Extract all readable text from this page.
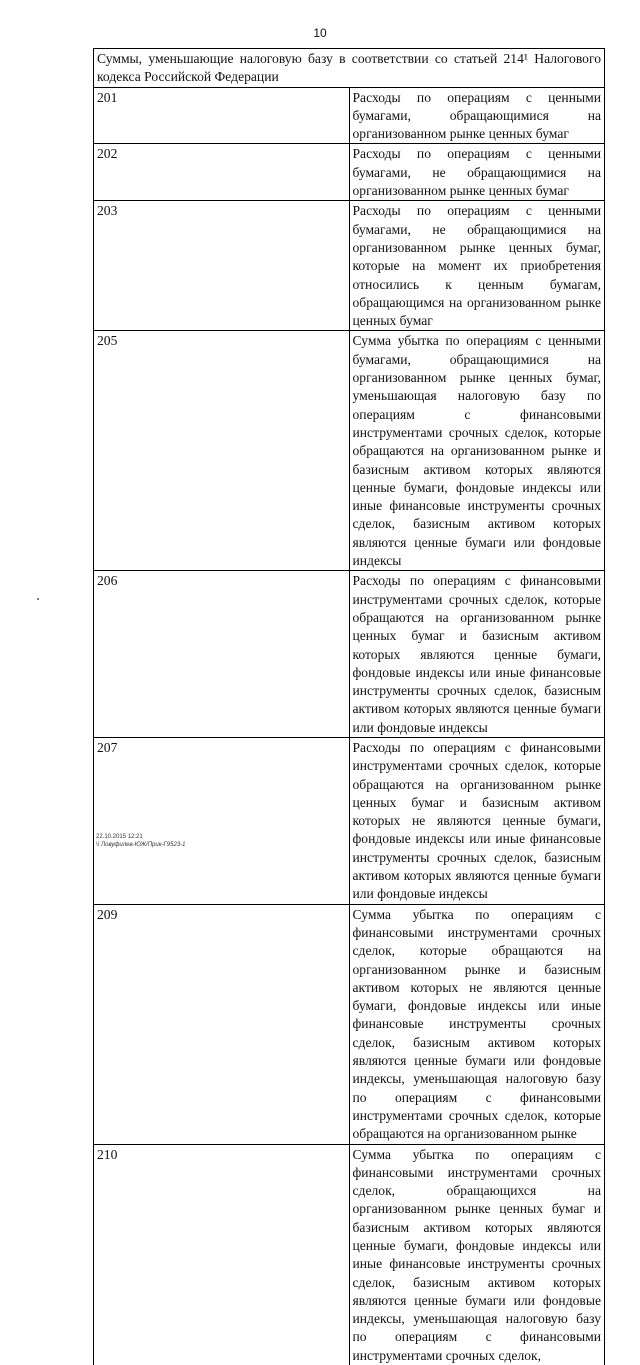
10
Суммы, уменьшающие налоговую базу в соответствии со статьей 214¹ Налогового кодекса Российской Федерации	

201	Расходы по операциям с ценными бумагами, обращающимися на организованном рынке ценных бумаг
202	Расходы по операциям с ценными бумагами, не обращающимися на организованном рынке ценных бумаг
203	Расходы по операциям с ценными бумагами, не обращающимися на организованном рынке ценных бумаг, которые на момент их приобретения относились к ценным бумагам, обращающимся на организованном рынке ценных бумаг
205	Сумма убытка по операциям с ценными бумагами, обращающимися на организованном рынке ценных бумаг, уменьшающая налоговую базу по операциям с финансовыми инструментами срочных сделок, которые обращаются на организованном рынке и базисным активом которых являются ценные бумаги, фондовые индексы или иные финансовые инструменты срочных сделок, базисным активом которых являются ценные бумаги или фондовые индексы
206	Расходы по операциям с финансовыми инструментами срочных сделок, которые обращаются на организованном рынке ценных бумаг и базисным активом которых являются ценные бумаги, фондовые индексы или иные финансовые инструменты срочных сделок, базисным активом которых являются ценные бумаги или фондовые индексы
207	Расходы по операциям с финансовыми инструментами срочных сделок, которые обращаются на организованном рынке ценных бумаг и базисным активом которых не являются ценные бумаги, фондовые индексы или иные финансовые инструменты срочных сделок, базисным активом которых являются ценные бумаги или фондовые индексы
209	Сумма убытка по операциям с финансовыми инструментами срочных сделок, которые обращаются на организованном рынке и базисным активом которых не являются ценные бумаги, фондовые индексы или иные финансовые инструменты срочных сделок, базисным активом которых являются ценные бумаги или фондовые индексы, уменьшающая налоговую базу по операциям с финансовыми инструментами срочных сделок, которые обращаются на организованном рынке
210	Сумма убытка по операциям с финансовыми инструментами срочных сделок, обращающихся на организованном рынке ценных бумаг и базисным активом которых являются ценные бумаги, фондовые индексы или иные финансовые инструменты срочных сделок, базисным активом которых являются ценные бумаги или фондовые индексы, уменьшающая налоговую базу по операциям с финансовыми инструментами срочных сделок,
22.10.2015 12:21
\\ Ловуфилев-ЮЖ/Прик-Г9523-1
